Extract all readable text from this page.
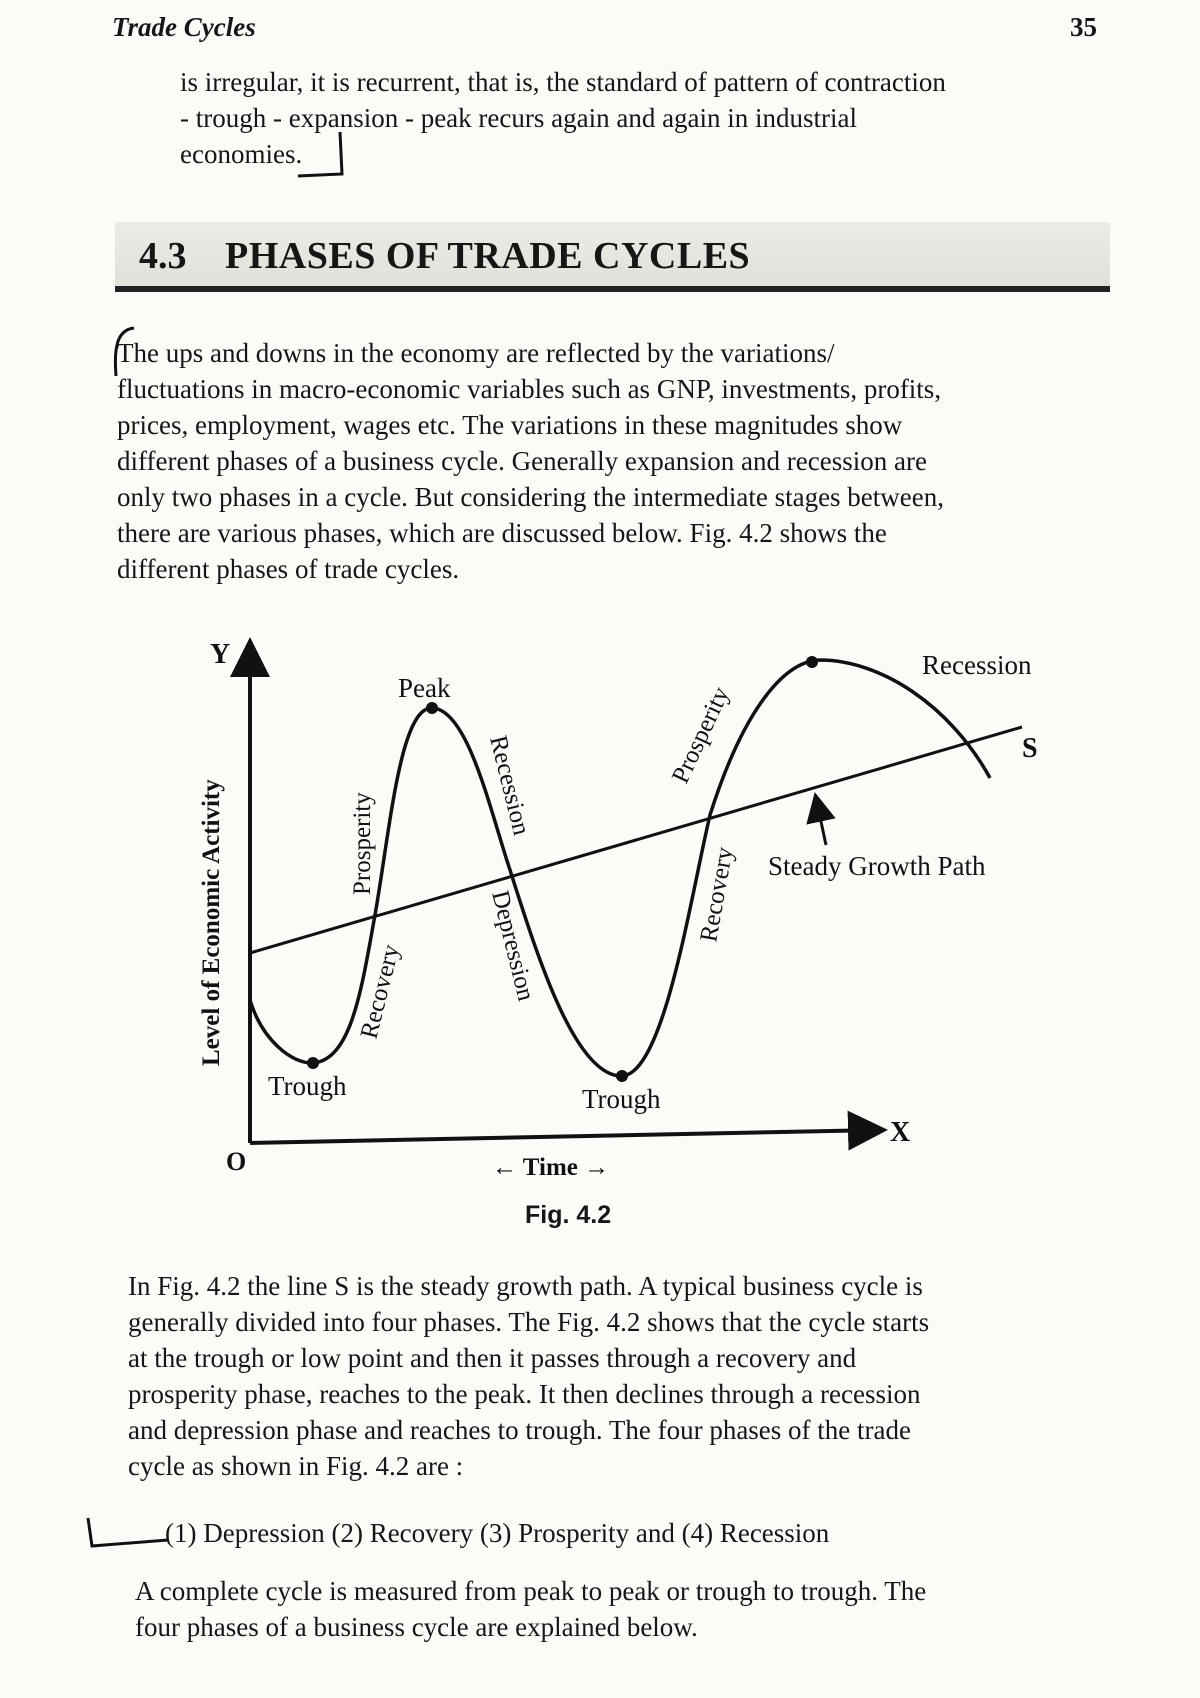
Trade Cycles	35

is irregular, it is recurrent, that is, the standard of pattern of contraction
- trough - expansion - peak recurs again and again in industrial
economies.

4.3 PHASES OF TRADE CYCLES

The ups and downs in the economy are reflected by the variations/
fluctuations in macro-economic variables such as GNP, investments, profits,
prices, employment, wages etc. The variations in these magnitudes show
different phases of a business cycle. Generally expansion and recession are
only two phases in a cycle. But considering the intermediate stages between,
there are various phases, which are discussed below. Fig. 4.2 shows the
different phases of trade cycles.

Y
X
O
Level of Economic Activity
← Time →
S
Steady Growth Path
Peak
Trough	Trough
Recession
Prosperity
Recovery
Recession
Depression	Recovery
Prosperity
Fig. 4.2

In Fig. 4.2 the line S is the steady growth path. A typical business cycle is
generally divided into four phases. The Fig. 4.2 shows that the cycle starts
at the trough or low point and then it passes through a recovery and
prosperity phase, reaches to the peak. It then declines through a recession
and depression phase and reaches to trough. The four phases of the trade
cycle as shown in Fig. 4.2 are :

(1) Depression (2) Recovery (3) Prosperity and (4) Recession

A complete cycle is measured from peak to peak or trough to trough. The
four phases of a business cycle are explained below.
